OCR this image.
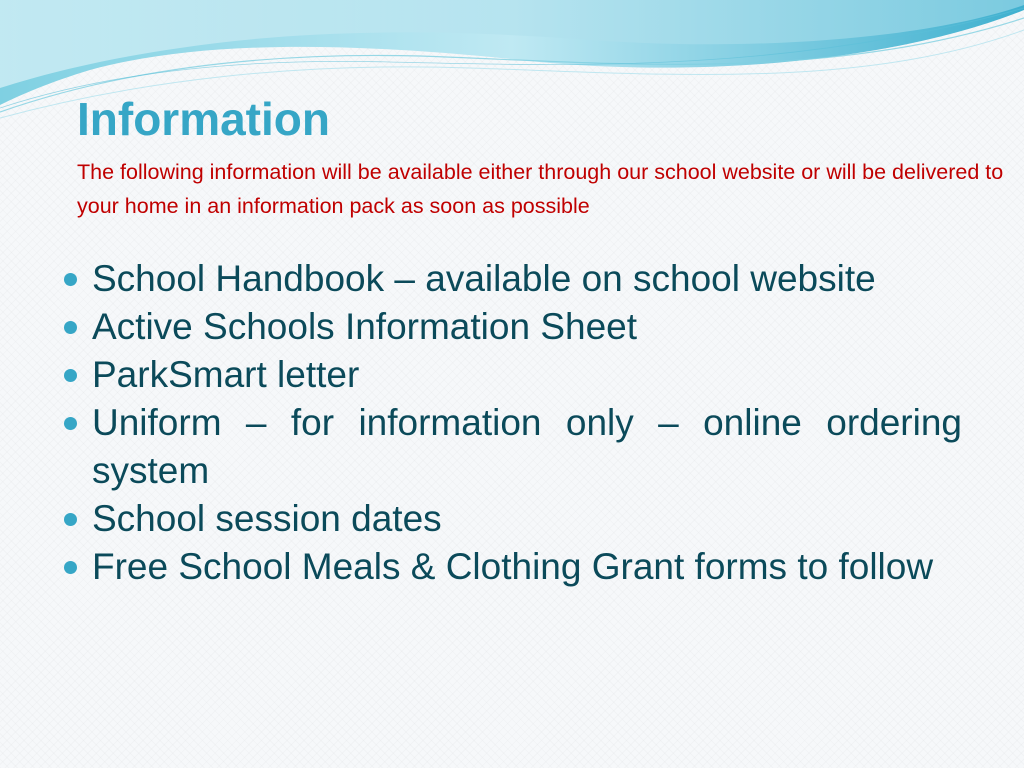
Information

The following information will be available either through our school website or will be delivered to your home in an information pack as soon as possible

School Handbook – available on school website
Active Schools Information Sheet
ParkSmart letter
Uniform – for information only – online ordering system
School session dates
Free School Meals & Clothing Grant forms to follow
